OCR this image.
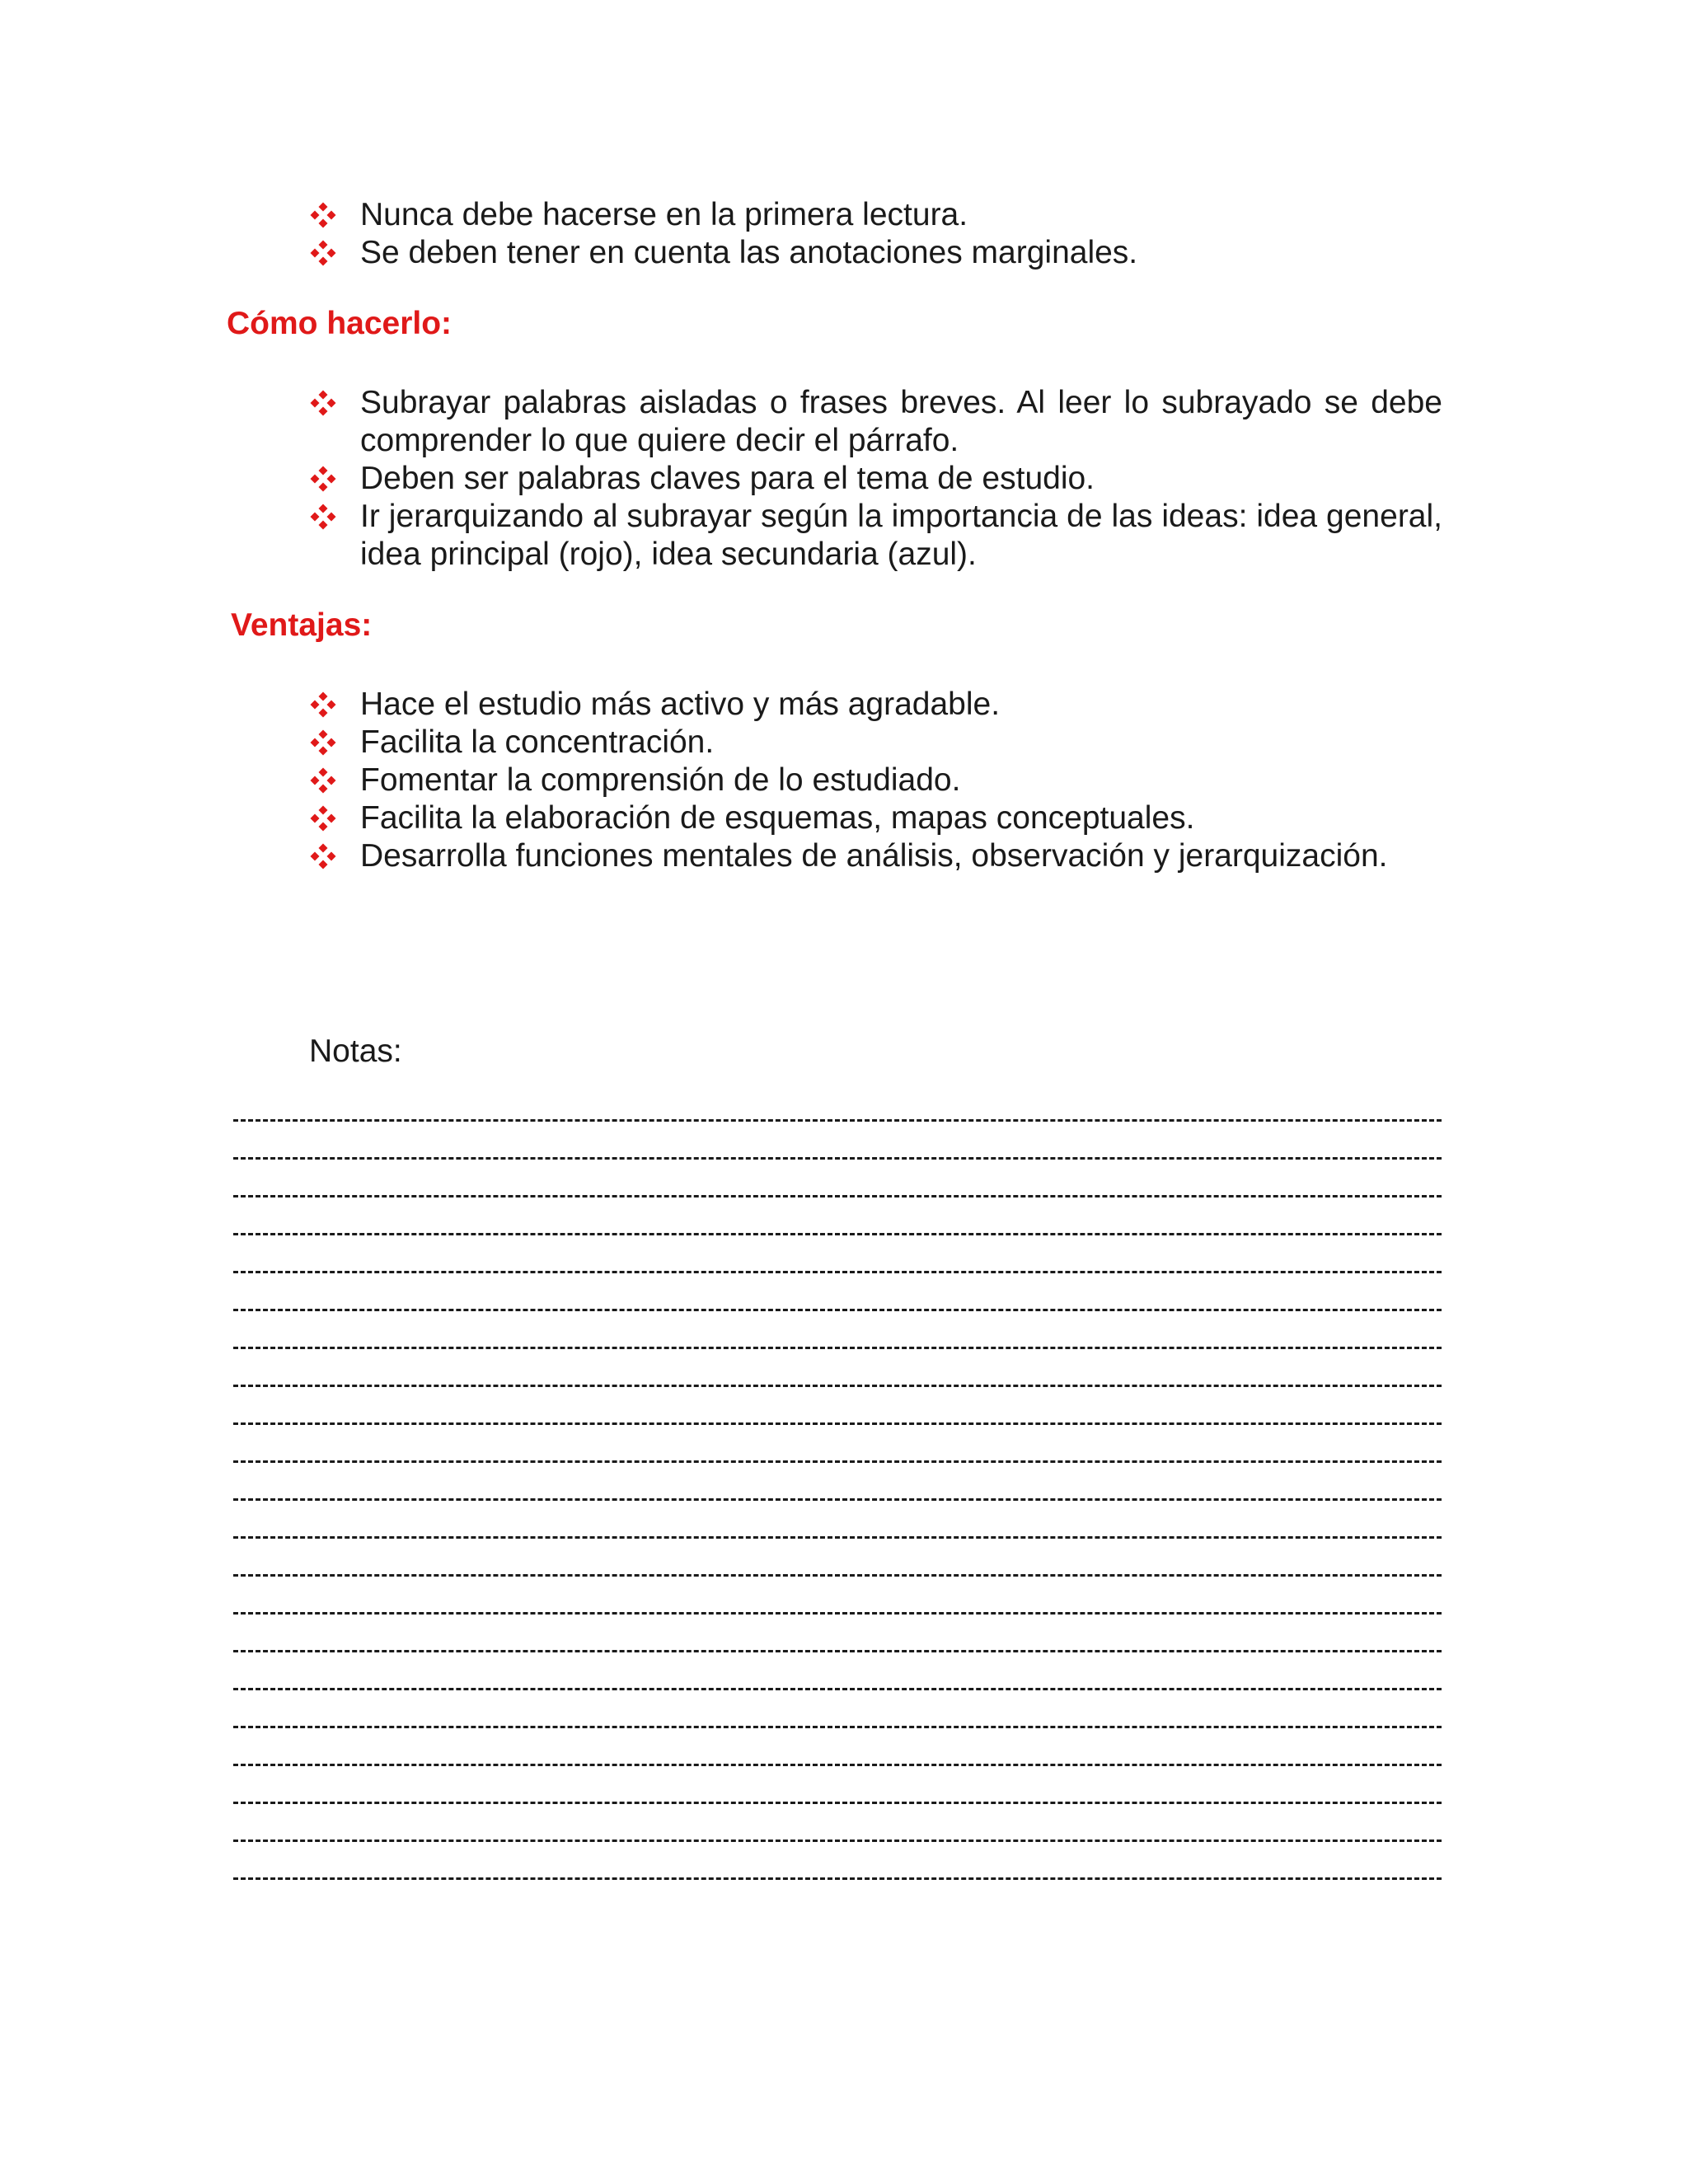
Nunca debe hacerse en la primera lectura.
Se deben tener en cuenta las anotaciones marginales.
Cómo hacerlo:
Subrayar palabras aisladas o frases breves. Al leer lo subrayado se debe comprender lo que quiere decir el párrafo.
Deben ser palabras claves para el tema de estudio.
Ir jerarquizando al subrayar según la importancia de las ideas: idea general, idea principal (rojo), idea secundaria (azul).
Ventajas:
Hace el estudio más activo y más agradable.
Facilita la concentración.
Fomentar la comprensión de lo estudiado.
Facilita la elaboración de esquemas, mapas conceptuales.
Desarrolla funciones mentales de análisis, observación y jerarquización.

Notas:
